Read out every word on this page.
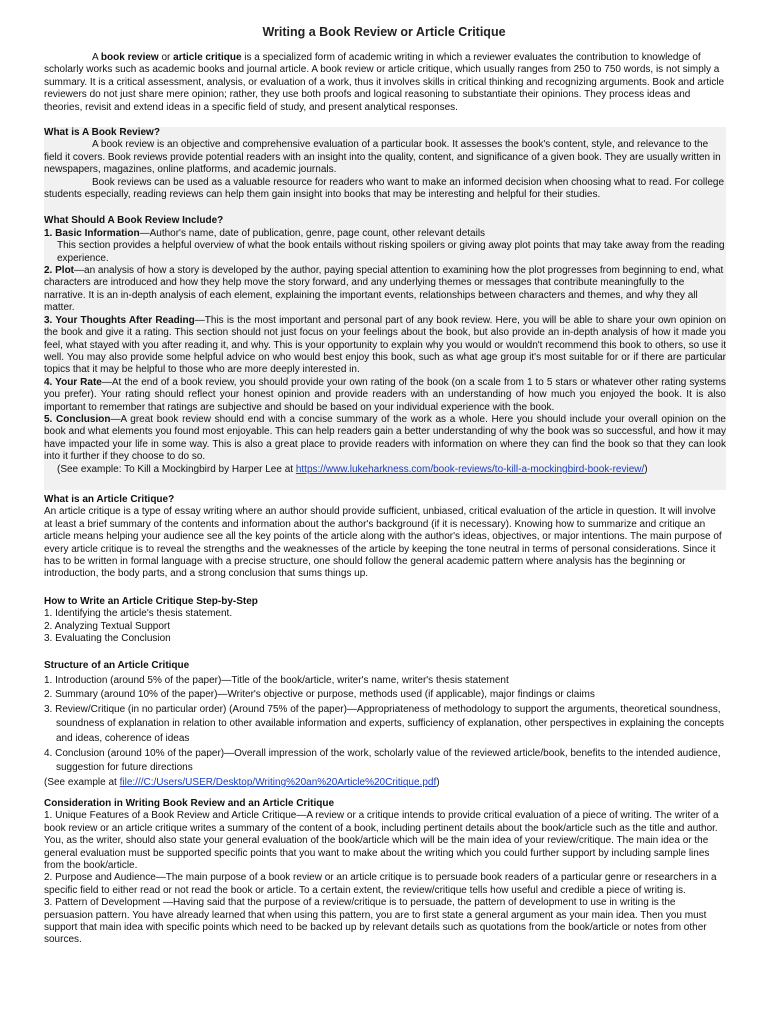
Writing a Book Review or Article Critique

A book review or article critique is a specialized form of academic writing in which a reviewer evaluates the contribution to knowledge of scholarly works such as academic books and journal article. A book review or article critique, which usually ranges from 250 to 750 words, is not simply a summary. It is a critical assessment, analysis, or evaluation of a work, thus it involves skills in critical thinking and recognizing arguments. Book and article reviewers do not just share mere opinion; rather, they use both proofs and logical reasoning to substantiate their opinions. They process ideas and theories, revisit and extend ideas in a specific field of study, and present analytical responses.

What is A Book Review?

A book review is an objective and comprehensive evaluation of a particular book. It assesses the book's content, style, and relevance to the field it covers. Book reviews provide potential readers with an insight into the quality, content, and significance of a given book. They are usually written in newspapers, magazines, online platforms, and academic journals.

Book reviews can be used as a valuable resource for readers who want to make an informed decision when choosing what to read. For college students especially, reading reviews can help them gain insight into books that may be interesting and helpful for their studies.

What Should A Book Review Include?

1. Basic Information—Author's name, date of publication, genre, page count, other relevant details

This section provides a helpful overview of what the book entails without risking spoilers or giving away plot points that may take away from the reading experience.

2. Plot—an analysis of how a story is developed by the author, paying special attention to examining how the plot progresses from beginning to end, what characters are introduced and how they help move the story forward, and any underlying themes or messages that contribute meaningfully to the narrative. It is an in-depth analysis of each element, explaining the important events, relationships between characters and themes, and why they all matter.

3. Your Thoughts After Reading—This is the most important and personal part of any book review. Here, you will be able to share your own opinion on the book and give it a rating. This section should not just focus on your feelings about the book, but also provide an in-depth analysis of how it made you feel, what stayed with you after reading it, and why. This is your opportunity to explain why you would or wouldn't recommend this book to others, so use it well. You may also provide some helpful advice on who would best enjoy this book, such as what age group it's most suitable for or if there are particular topics that it may be helpful to those who are more deeply interested in.

4. Your Rate—At the end of a book review, you should provide your own rating of the book (on a scale from 1 to 5 stars or whatever other rating systems you prefer). Your rating should reflect your honest opinion and provide readers with an understanding of how much you enjoyed the book. It is also important to remember that ratings are subjective and should be based on your individual experience with the book.

5. Conclusion—A great book review should end with a concise summary of the work as a whole. Here you should include your overall opinion on the book and what elements you found most enjoyable. This can help readers gain a better understanding of why the book was so successful, and how it may have impacted your life in some way. This is also a great place to provide readers with information on where they can find the book so that they can look into it further if they choose to do so.

(See example: To Kill a Mockingbird by Harper Lee at https://www.lukeharkness.com/book-reviews/to-kill-a-mockingbird-book-review/)

What is an Article Critique?

An article critique is a type of essay writing where an author should provide sufficient, unbiased, critical evaluation of the article in question. It will involve at least a brief summary of the contents and information about the author's background (if it is necessary). Knowing how to summarize and critique an article means helping your audience see all the key points of the article along with the author's ideas, objectives, or major intentions. The main purpose of every article critique is to reveal the strengths and the weaknesses of the article by keeping the tone neutral in terms of personal considerations. Since it has to be written in formal language with a precise structure, one should follow the general academic pattern where analysis has the beginning or introduction, the body parts, and a strong conclusion that sums things up.

How to Write an Article Critique Step-by-Step

1. Identifying the article's thesis statement.

2. Analyzing Textual Support

3. Evaluating the Conclusion

Structure of an Article Critique

1. Introduction (around 5% of the paper)—Title of the book/article, writer's name, writer's thesis statement

2. Summary (around 10% of the paper)—Writer's objective or purpose, methods used (if applicable), major findings or claims

3. Review/Critique (in no particular order) (Around 75% of the paper)—Appropriateness of methodology to support the arguments, theoretical soundness, soundness of explanation in relation to other available information and experts, sufficiency of explanation, other perspectives in explaining the concepts and ideas, coherence of ideas

4. Conclusion (around 10% of the paper)—Overall impression of the work, scholarly value of the reviewed article/book, benefits to the intended audience, suggestion for future directions

(See example at file:///C:/Users/USER/Desktop/Writing%20an%20Article%20Critique.pdf)

Consideration in Writing Book Review and an Article Critique

1. Unique Features of a Book Review and Article Critique—A review or a critique intends to provide critical evaluation of a piece of writing. The writer of a book review or an article critique writes a summary of the content of a book, including pertinent details about the book/article such as the title and author. You, as the writer, should also state your general evaluation of the book/article which will be the main idea of your review/critique. The main idea or the general evaluation must be supported specific points that you want to make about the writing which you could further support by including sample lines from the book/article.

2. Purpose and Audience—The main purpose of a book review or an article critique is to persuade book readers of a particular genre or researchers in a specific field to either read or not read the book or article. To a certain extent, the review/critique tells how useful and credible a piece of writing is.

3. Pattern of Development —Having said that the purpose of a review/critique is to persuade, the pattern of development to use in writing is the persuasion pattern. You have already learned that when using this pattern, you are to first state a general argument as your main idea. Then you must support that main idea with specific points which need to be backed up by relevant details such as quotations from the book/article or notes from other sources.
